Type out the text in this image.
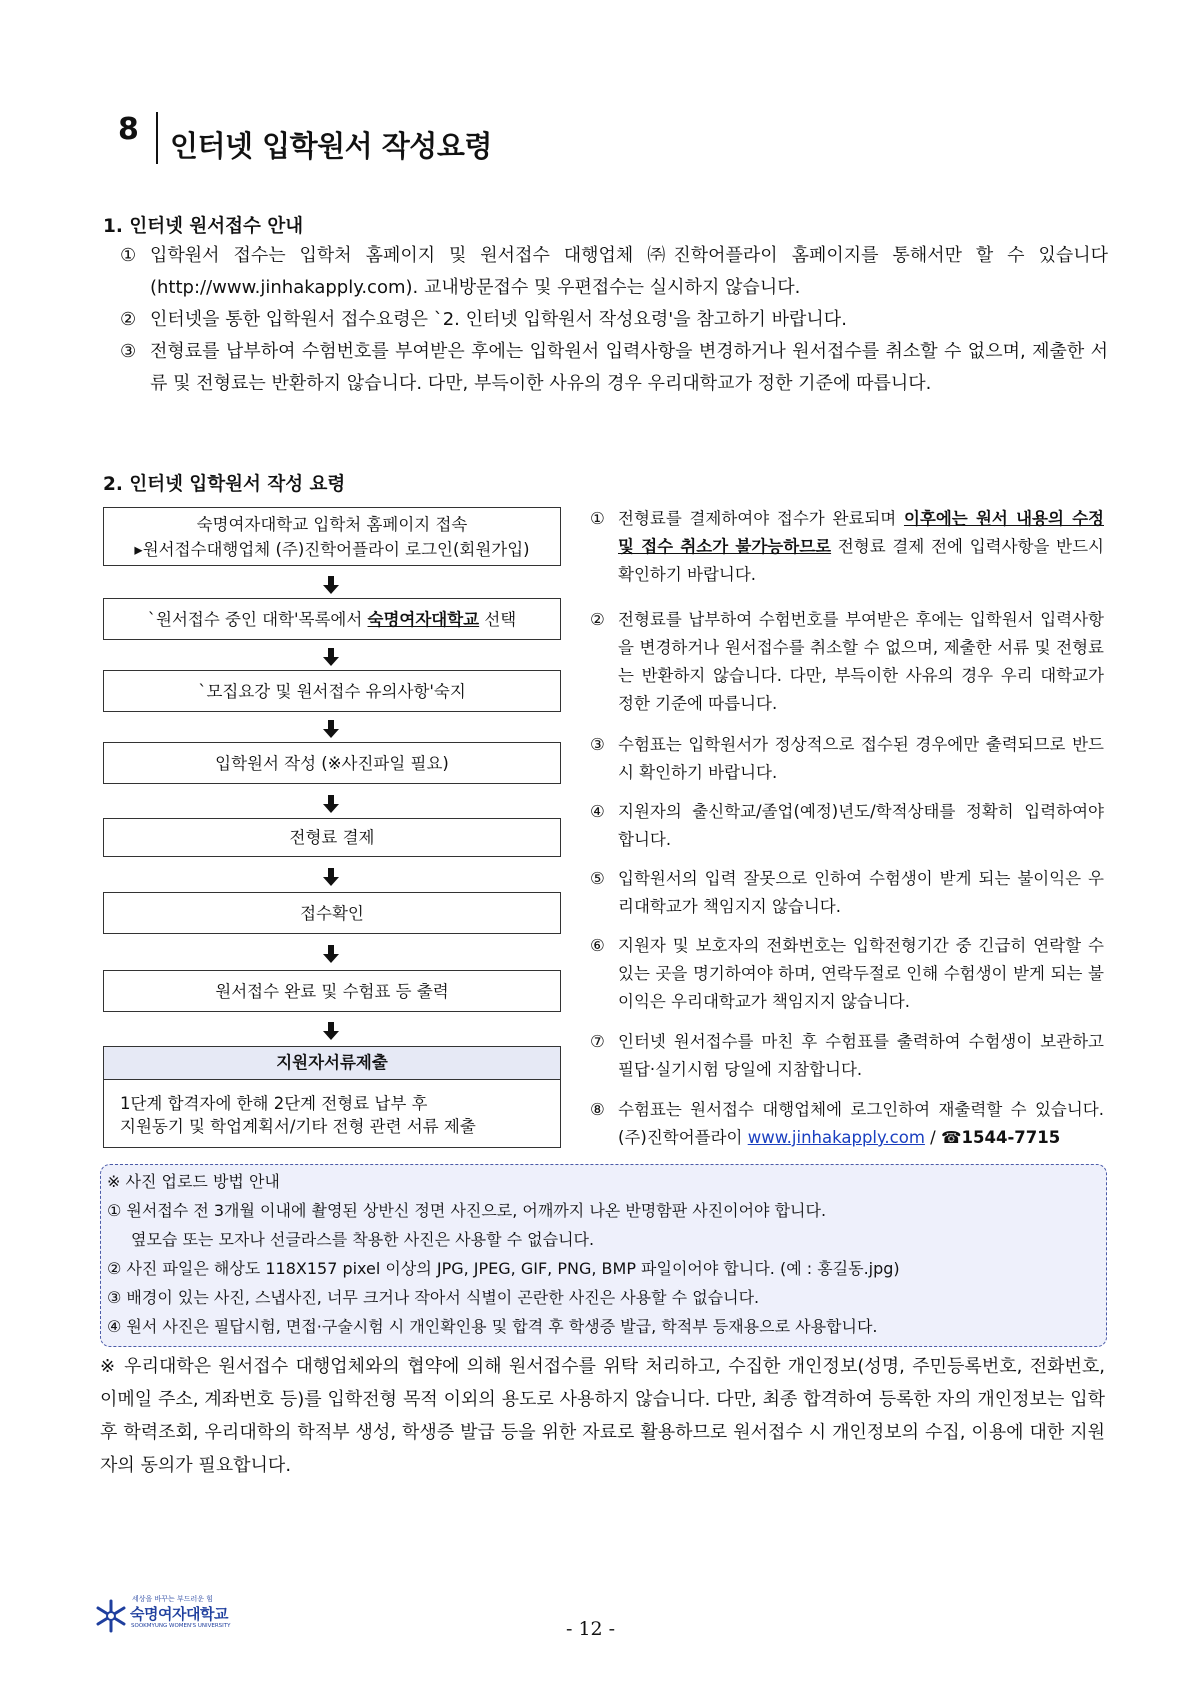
8 인터넷 입학원서 작성요령
1. 인터넷 원서접수 안내
① 입학원서 접수는 입학처 홈페이지 및 원서접수 대행업체 ㈜진학어플라이 홈페이지를 통해서만 할 수 있습니다(http://www.jinhakapply.com). 교내방문접수 및 우편접수는 실시하지 않습니다.
② 인터넷을 통한 입학원서 접수요령은 `2. 인터넷 입학원서 작성요령'을 참고하기 바랍니다.
③ 전형료를 납부하여 수험번호를 부여받은 후에는 입학원서 입력사항을 변경하거나 원서접수를 취소할 수 없으며, 제출한 서류 및 전형료는 반환하지 않습니다. 다만, 부득이한 사유의 경우 우리대학교가 정한 기준에 따릅니다.
2. 인터넷 입학원서 작성 요령
숙명여자대학교 입학처 홈페이지 접속
▸원서접수대행업체 (주)진학어플라이 로그인(회원가입)
`원서접수 중인 대학'목록에서 숙명여자대학교 선택
`모집요강 및 원서접수 유의사항'숙지
입학원서 작성 (※사진파일 필요)
전형료 결제
접수확인
원서접수 완료 및 수험표 등 출력
지원자서류제출
1단계 합격자에 한해 2단계 전형료 납부 후
지원동기 및 학업계획서/기타 전형 관련 서류 제출
① 전형료를 결제하여야 접수가 완료되며 이후에는 원서 내용의 수정 및 접수 취소가 불가능하므로 전형료 결제 전에 입력사항을 반드시 확인하기 바랍니다.
② 전형료를 납부하여 수험번호를 부여받은 후에는 입학원서 입력사항을 변경하거나 원서접수를 취소할 수 없으며, 제출한 서류 및 전형료는 반환하지 않습니다. 다만, 부득이한 사유의 경우 우리 대학교가 정한 기준에 따릅니다.
③ 수험표는 입학원서가 정상적으로 접수된 경우에만 출력되므로 반드시 확인하기 바랍니다.
④ 지원자의 출신학교/졸업(예정)년도/학적상태를 정확히 입력하여야 합니다.
⑤ 입학원서의 입력 잘못으로 인하여 수험생이 받게 되는 불이익은 우리대학교가 책임지지 않습니다.
⑥ 지원자 및 보호자의 전화번호는 입학전형기간 중 긴급히 연락할 수 있는 곳을 명기하여야 하며, 연락두절로 인해 수험생이 받게 되는 불이익은 우리대학교가 책임지지 않습니다.
⑦ 인터넷 원서접수를 마친 후 수험표를 출력하여 수험생이 보관하고 필답·실기시험 당일에 지참합니다.
⑧ 수험표는 원서접수 대행업체에 로그인하여 재출력할 수 있습니다. (주)진학어플라이 www.jinhakapply.com / ☎1544-7715
※ 사진 업로드 방법 안내
① 원서접수 전 3개월 이내에 촬영된 상반신 정면 사진으로, 어깨까지 나온 반명함판 사진이어야 합니다.
옆모습 또는 모자나 선글라스를 착용한 사진은 사용할 수 없습니다.
② 사진 파일은 해상도 118X157 pixel 이상의 JPG, JPEG, GIF, PNG, BMP 파일이어야 합니다. (예 : 홍길동.jpg)
③ 배경이 있는 사진, 스냅사진, 너무 크거나 작아서 식별이 곤란한 사진은 사용할 수 없습니다.
④ 원서 사진은 필답시험, 면접·구술시험 시 개인확인용 및 합격 후 학생증 발급, 학적부 등재용으로 사용합니다.
※ 우리대학은 원서접수 대행업체와의 협약에 의해 원서접수를 위탁 처리하고, 수집한 개인정보(성명, 주민등록번호, 전화번호, 이메일 주소, 계좌번호 등)를 입학전형 목적 이외의 용도로 사용하지 않습니다. 다만, 최종 합격하여 등록한 자의 개인정보는 입학 후 학력조회, 우리대학의 학적부 생성, 학생증 발급 등을 위한 자료로 활용하므로 원서접수 시 개인정보의 수집, 이용에 대한 지원자의 동의가 필요합니다.
세상을 바꾸는 부드러운 힘
숙명여자대학교
SOOKMYUNG WOMEN'S UNIVERSITY	- 12 -
